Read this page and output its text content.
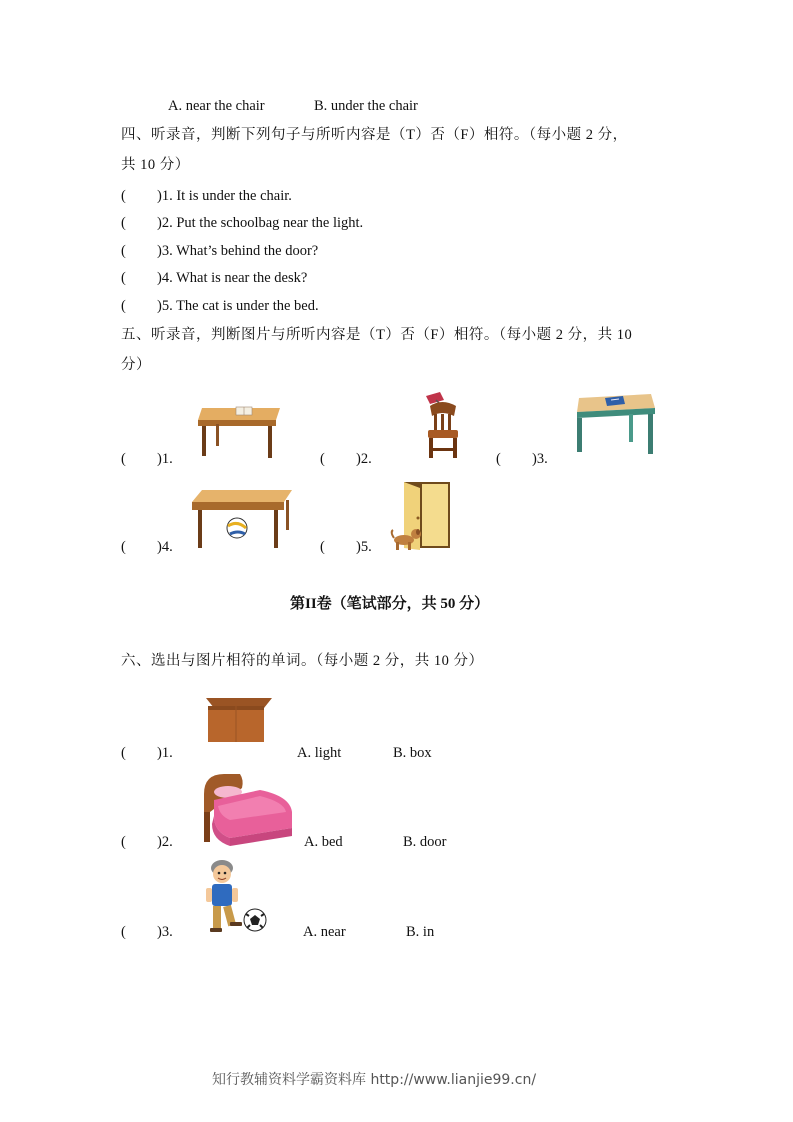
A. near the chair	B. under the chair
四、听录音，判断下列句子与所听内容是（T）否（F）相符。（每小题 2 分，
共 10 分）
( )1. It is under the chair.
( )2. Put the schoolbag near the light.
( )3. What’s behind the door?
( )4. What is near the desk?
( )5. The cat is under the bed.
五、听录音，判断图片与所听内容是（T）否（F）相符。（每小题 2 分，共 10
分）
( )1.	( )2.	( )3.
( )4.	( )5.
第II卷（笔试部分，共 50 分）
六、选出与图片相符的单词。（每小题 2 分，共 10 分）
( )1.	A. light	B. box
( )2.	A. bed	B. door
( )3.	A. near	B. in
知行教辅资料学霸资料库 http://www.lianjie99.cn/
